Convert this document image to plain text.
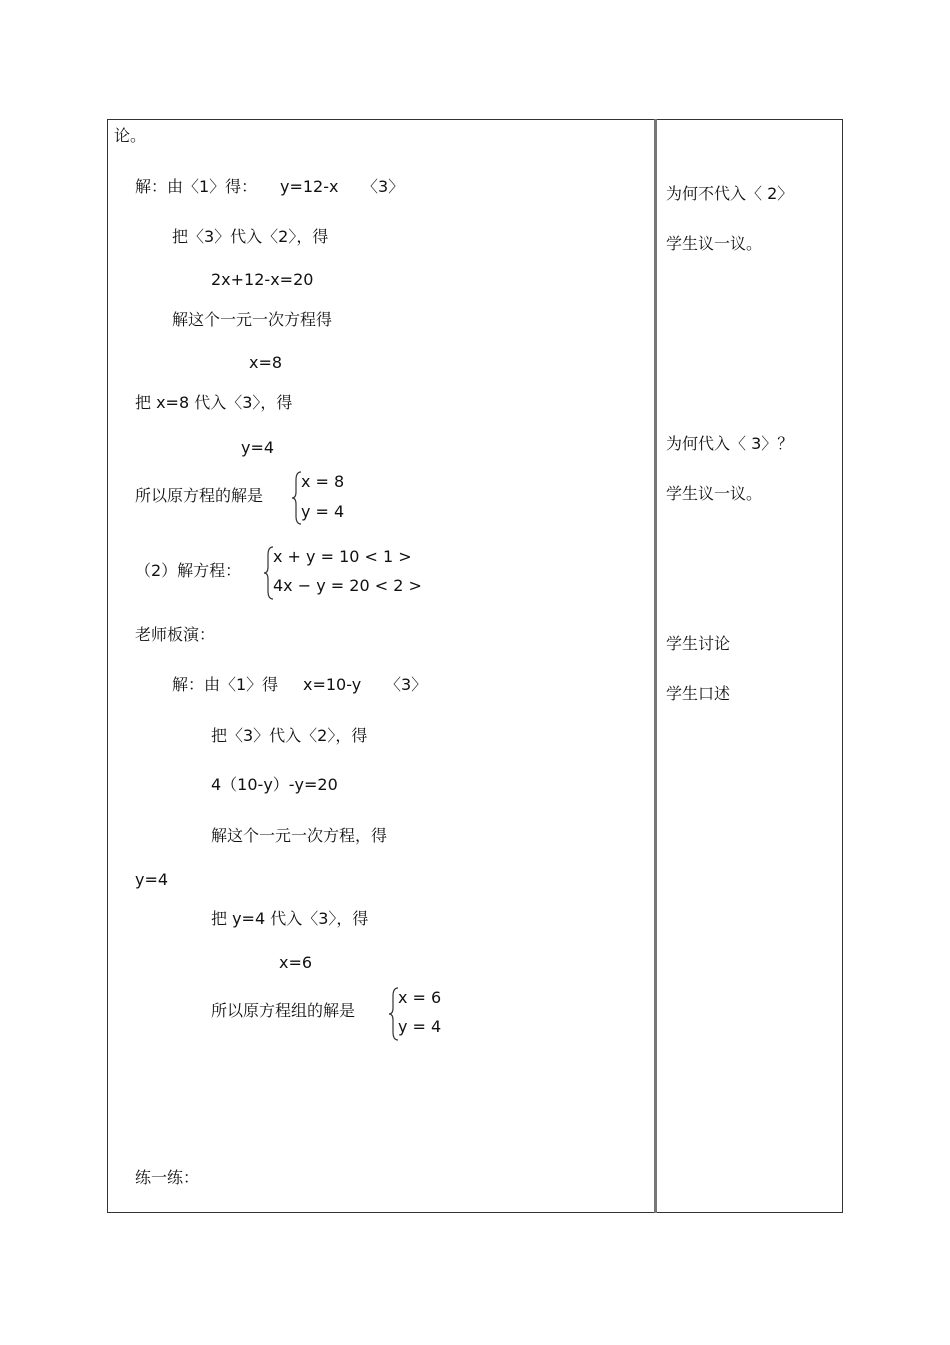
论。
解：由〈1〉得： y=12-x 〈3〉
把〈3〉代入〈2〉，得
2x+12-x=20
解这个一元一次方程得
x=8
把 x=8 代入〈3〉，得
y=4
所以原方程的解是
x = 8
y = 4
（2）解方程：
x + y = 10 < 1 >
4x − y = 20 < 2 >
老师板演：
解：由〈1〉得 x=10-y 〈3〉
把〈3〉代入〈2〉，得
4（10-y）-y=20
解这个一元一次方程，得
y=4
把 y=4 代入〈3〉，得
x=6
所以原方程组的解是
x = 6
y = 4
练一练：
为何不代入〈 2〉
学生议一议。
为何代入〈 3〉？
学生议一议。
学生讨论
学生口述
